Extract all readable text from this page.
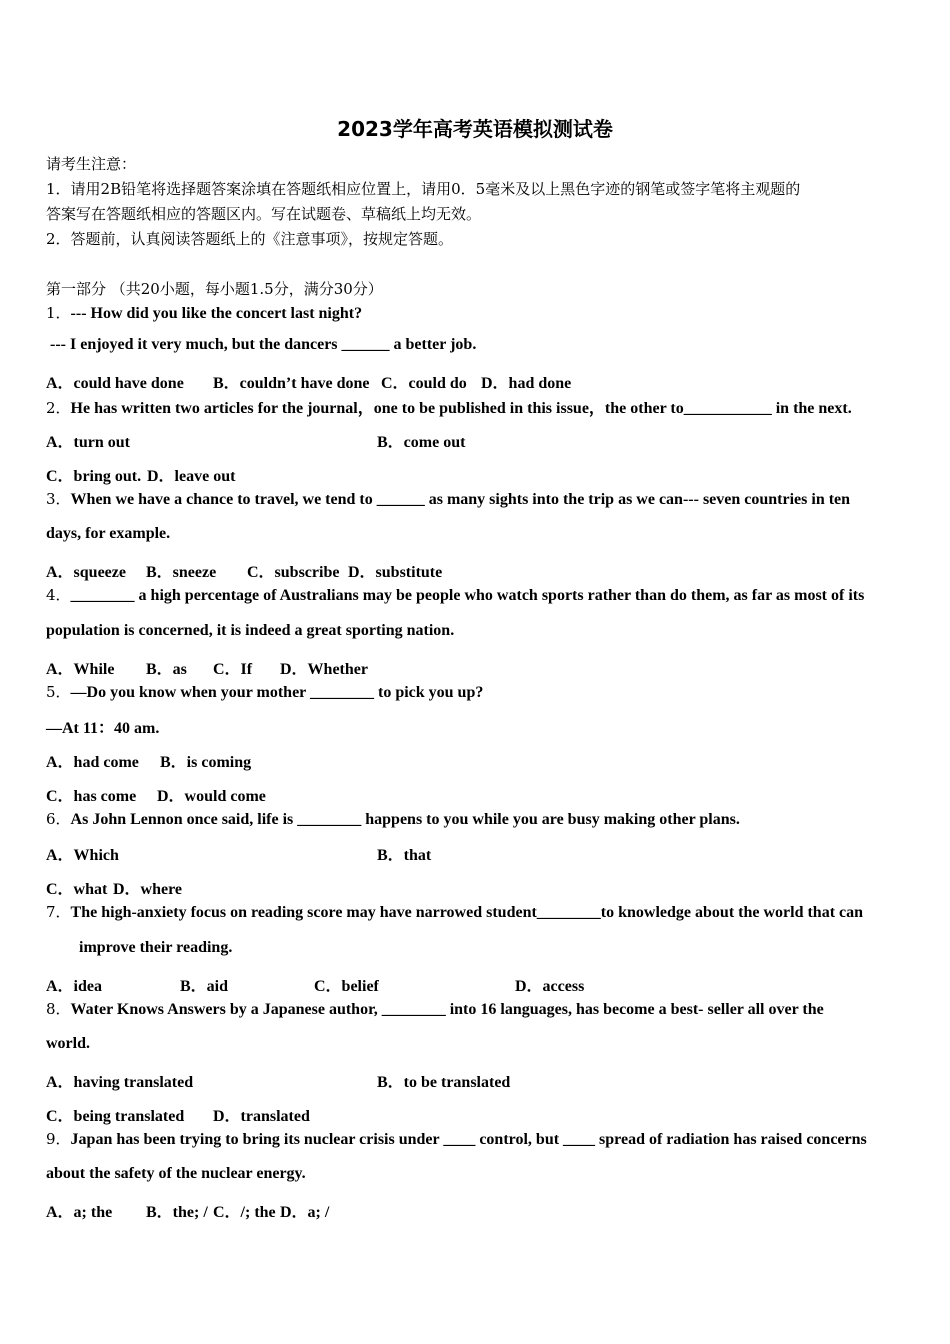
2023学年高考英语模拟测试卷
请考生注意：
1．请用2B铅笔将选择题答案涂填在答题纸相应位置上，请用0．5毫米及以上黑色字迹的钢笔或签字笔将主观题的
答案写在答题纸相应的答题区内。写在试题卷、草稿纸上均无效。
2．答题前，认真阅读答题纸上的《注意事项》，按规定答题。
第一部分 （共20小题，每小题1.5分，满分30分）
1．--- How did you like the concert last night?
--- I enjoyed it very much, but the dancers ______ a better job.
A．could have done B．couldn’t have done C．could do D．had done
2．He has written two articles for the journal，one to be published in this issue，the other to___________ in the next.
A．turn out	B．come out
C．bring out. D．leave out
3．When we have a chance to travel, we tend to ______ as many sights into the trip as we can--- seven countries in ten
days, for example.
A．squeeze B．sneeze C．subscribe D．substitute
4．________ a high percentage of Australians may be people who watch sports rather than do them, as far as most of its
population is concerned, it is indeed a great sporting nation.
A．While B．as C．If D．Whether
5．—Do you know when your mother ________ to pick you up?
—At 11：40 am.
A．had come B．is coming
C．has come D．would come
6．As John Lennon once said, life is ________ happens to you while you are busy making other plans.
A．Which	B．that
C．what D．where
7．The high-anxiety focus on reading score may have narrowed student________to knowledge about the world that can
improve their reading.
A．idea	B．aid	C．belief	D．access
8．Water Knows Answers by a Japanese author, ________ into 16 languages, has become a best- seller all over the
world.
A．having translated	B．to be translated
C．being translated D．translated
9．Japan has been trying to bring its nuclear crisis under ____ control, but ____ spread of radiation has raised concerns
about the safety of the nuclear energy.
A．a; the B．the; / C．/; the D．a; /
